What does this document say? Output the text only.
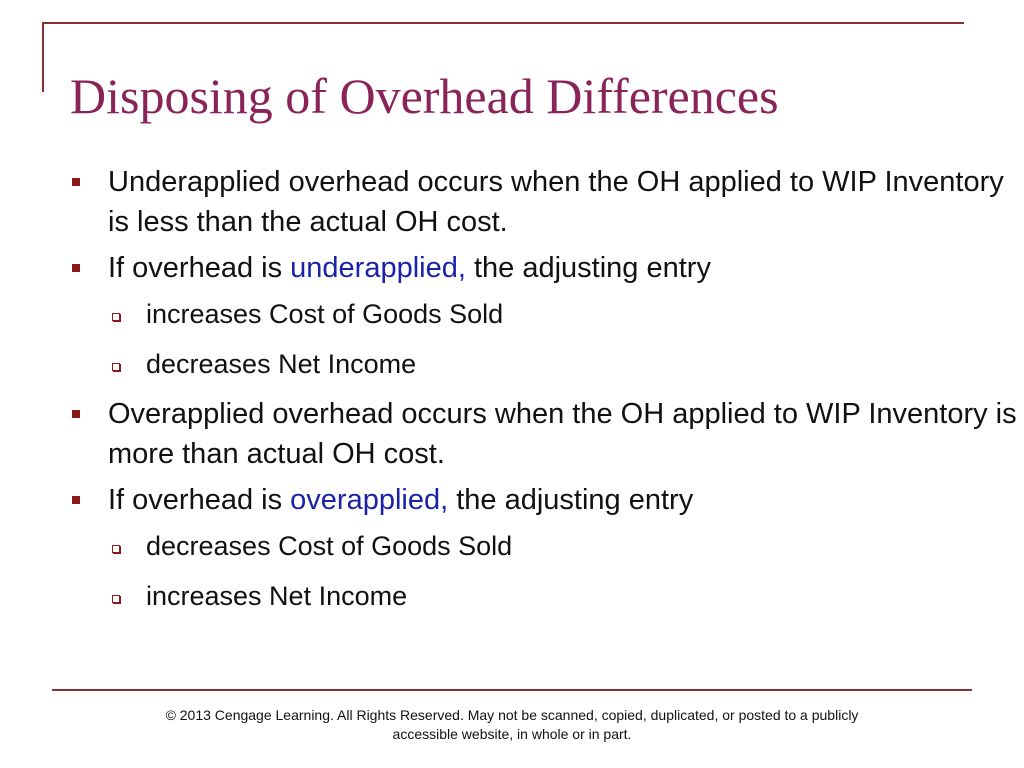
Disposing of Overhead Differences
Underapplied overhead occurs when the OH applied to WIP Inventory is less than the actual OH cost.
If overhead is underapplied, the adjusting entry
increases Cost of Goods Sold
decreases Net Income
Overapplied overhead occurs when the OH applied to WIP Inventory is more than actual OH cost.
If overhead is overapplied, the adjusting entry
decreases Cost of Goods Sold
increases Net Income
© 2013 Cengage Learning. All Rights Reserved. May not be scanned, copied, duplicated, or posted to a publicly
accessible website, in whole or in part.
